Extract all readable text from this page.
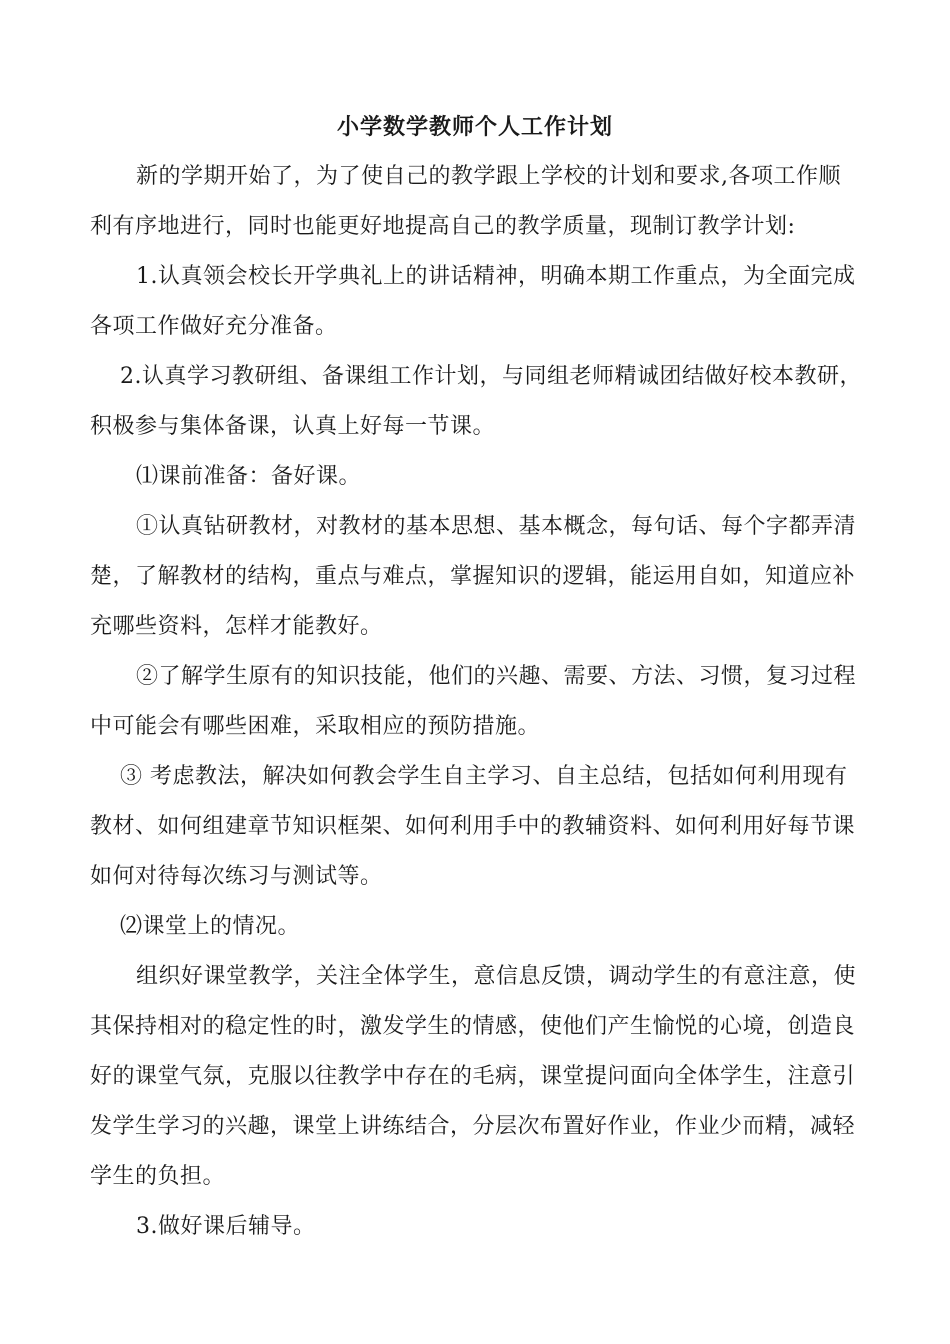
小学数学教师个人工作计划
新的学期开始了，为了使自己的教学跟上学校的计划和要求,各项工作顺
利有序地进行，同时也能更好地提高自己的教学质量，现制订教学计划:
1.认真领会校长开学典礼上的讲话精神，明确本期工作重点，为全面完成
各项工作做好充分准备。
2.认真学习教研组、备课组工作计划，与同组老师精诚团结做好校本教研，
积极参与集体备课，认真上好每一节课。
⑴课前准备：备好课。
①认真钻研教材，对教材的基本思想、基本概念，每句话、每个字都弄清
楚，了解教材的结构，重点与难点，掌握知识的逻辑，能运用自如，知道应补
充哪些资料，怎样才能教好。
②了解学生原有的知识技能，他们的兴趣、需要、方法、习惯，复习过程
中可能会有哪些困难，采取相应的预防措施。
③ 考虑教法，解决如何教会学生自主学习、自主总结，包括如何利用现有
教材、如何组建章节知识框架、如何利用手中的教辅资料、如何利用好每节课
如何对待每次练习与测试等。
⑵课堂上的情况。
组织好课堂教学，关注全体学生，意信息反馈，调动学生的有意注意，使
其保持相对的稳定性的时，激发学生的情感，使他们产生愉悦的心境，创造良
好的课堂气氛，克服以往教学中存在的毛病，课堂提问面向全体学生，注意引
发学生学习的兴趣，课堂上讲练结合，分层次布置好作业，作业少而精，减轻
学生的负担。
3.做好课后辅导。
